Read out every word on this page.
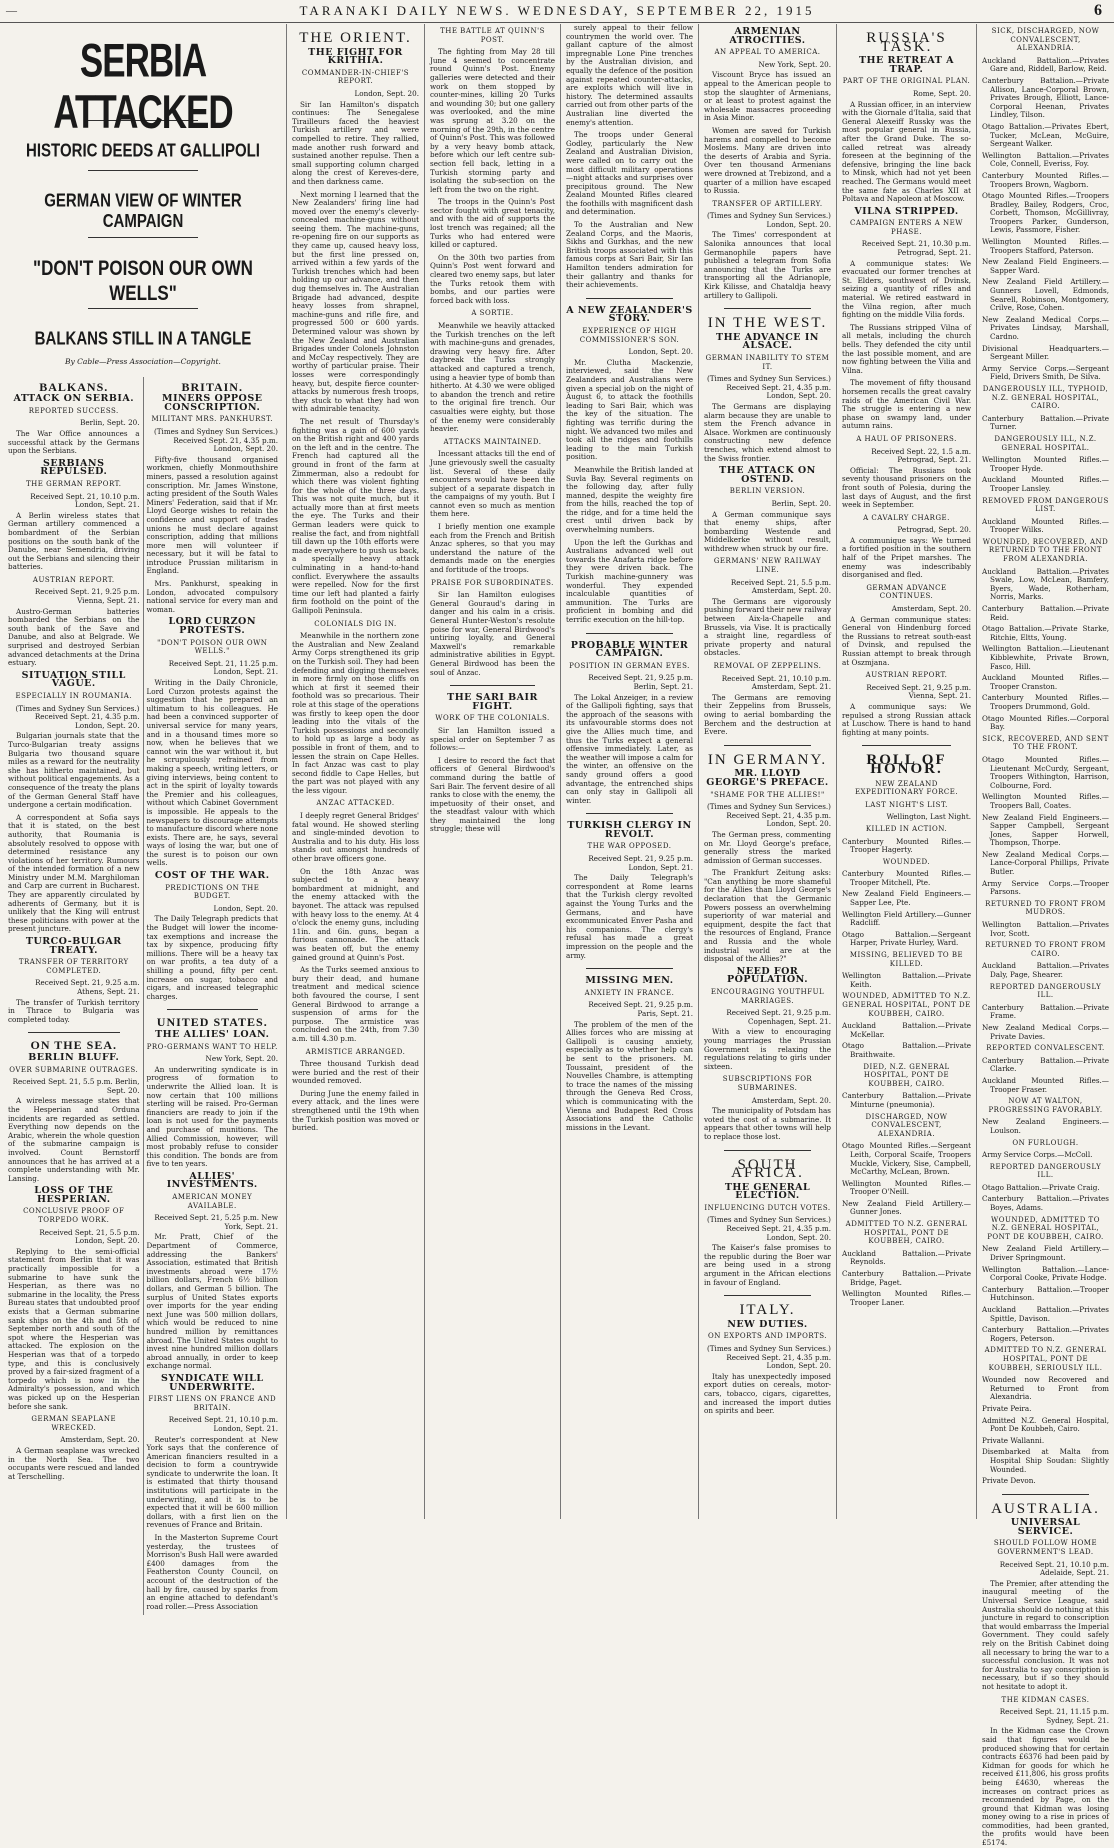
—	TARANAKI DAILY NEWS. WEDNESDAY, SEPTEMBER 22, 1915	6
SERBIA ATTACKED
HISTORIC DEEDS AT GALLIPOLI
GERMAN VIEW OF WINTER CAMPAIGN
"DON'T POISON OUR OWN WELLS"
BALKANS STILL IN A TANGLE
By Cable—Press Association—Copyright.
BALKANS.
ATTACK ON SERBIA.
REPORTED SUCCESS.
Berlin, Sept. 20.

The War Office announces a successful attack by the Germans upon the Serbians.

SERBIANS REPULSED.
THE GERMAN REPORT.
Received Sept. 21, 10.10 p.m. London, Sept. 21.

A Berlin wireless states that German artillery commenced a bombardment of the Serbian positions on the south bank of the Danube, near Semendria, driving out the Serbians and silencing their batteries.

AUSTRIAN REPORT.
Received Sept. 21, 9.25 p.m. Vienna, Sept. 21.

Austro-German batteries bombarded the Serbians on the south bank of the Save and Danube, and also at Belgrade. We surprised and destroyed Serbian advanced detachments at the Drina estuary.

SITUATION STILL VAGUE.
ESPECIALLY IN ROUMANIA.
(Times and Sydney Sun Services.) Received Sept. 21, 4.35 p.m. London, Sept. 20.

Bulgarian journals state that the Turco-Bulgarian treaty assigns Bulgaria two thousand square miles as a reward for the neutrality she has hitherto maintained, but without political engagements. As a consequence of the treaty the plans of the German General Staff have undergone a certain modification.

A correspondent at Sofia says that it is stated, on the best authority, that Roumania is absolutely resolved to oppose with determined resistance any violations of her territory. Rumours of the intended formation of a new Ministry under M.M. Marghiloman and Carp are current in Bucharest. They are apparently circulated by adherents of Germany, but it is unlikely that the King will entrust these politicians with power at the present juncture.

TURCO-BULGAR TREATY.
TRANSFER OF TERRITORY COMPLETED.
Received Sept. 21, 9.25 a.m. Athens, Sept. 21.

The transfer of Turkish territory in Thrace to Bulgaria was completed today.

ON THE SEA.
BERLIN BLUFF.
OVER SUBMARINE OUTRAGES.
Received Sept. 21, 5.5 p.m. Berlin, Sept. 20.

A wireless message states that the Hesperian and Orduna incidents are regarded as settled. Everything now depends on the Arabic, wherein the whole question of the submarine campaign is involved. Count Bernstorff announces that he has arrived at a complete understanding with Mr. Lansing.

LOSS OF THE HESPERIAN.
CONCLUSIVE PROOF OF TORPEDO WORK.
Received Sept. 21, 5.5 p.m. London, Sept. 20.

Replying to the semi-official statement from Berlin that it was practically impossible for a submarine to have sunk the Hesperian, as there was no submarine in the locality, the Press Bureau states that undoubted proof exists that a German submarine sank ships on the 4th and 5th of September north and south of the spot where the Hesperian was attacked. The explosion on the Hesperian was that of a torpedo type, and this is conclusively proved by a fair-sized fragment of a torpedo which is now in the Admiralty's possession, and which was picked up on the Hesperian before she sank.

GERMAN SEAPLANE WRECKED.
Amsterdam, Sept. 20.

A German seaplane was wrecked in the North Sea. The two occupants were rescued and landed at Terschelling.

BRITAIN.
MINERS OPPOSE CONSCRIPTION.
MILITANT MRS. PANKHURST.
(Times and Sydney Sun Services.) Received Sept. 21, 4.35 p.m. London, Sept. 20.

Fifty-five thousand organised workmen, chiefly Monmouthshire miners, passed a resolution against conscription. Mr. James Winstone, acting president of the South Wales Miners' Federation, said that if Mr. Lloyd George wishes to retain the confidence and support of trades unions he must declare against conscription, adding that millions more men will volunteer if necessary, but it will be fatal to introduce Prussian militarism in England.

Mrs. Pankhurst, speaking in London, advocated compulsory national service for every man and woman.

LORD CURZON PROTESTS.
"DON'T POISON OUR OWN WELLS."
Received Sept. 21, 11.25 p.m. London, Sept. 21.

Writing in the Daily Chronicle, Lord Curzon protests against the suggestion that he prepared an ultimatum to his colleagues. He had been a convinced supporter of universal service for many years, and in a thousand times more so now, when he believes that we cannot win the war without it, but he scrupulously refrained from making a speech, writing letters, or giving interviews, being content to act in the spirit of loyalty towards the Premier and his colleagues, without which Cabinet Government is impossible. He appeals to the newspapers to discourage attempts to manufacture discord where none exists. There are, he says, several ways of losing the war, but one of the surest is to poison our own wells.

COST OF THE WAR.
PREDICTIONS ON THE BUDGET.
London, Sept. 20.

The Daily Telegraph predicts that the Budget will lower the income-tax exemptions and increase the tax by sixpence, producing fifty millions. There will be a heavy tax on war profits, a tea duty of a shilling a pound, fifty per cent. increase on sugar, tobacco and cigars, and increased telegraphic charges.

UNITED STATES.
THE ALLIES' LOAN.
PRO-GERMANS WANT TO HELP.
New York, Sept. 20.

An underwriting syndicate is in progress of formation to underwrite the Allied loan. It is now certain that 100 millions sterling will be raised. Pro-German financiers are ready to join if the loan is not used for the payments and purchase of munitions. The Allied Commission, however, will most probably refuse to consider this condition. The bonds are from five to ten years.

ALLIES' INVESTMENTS.
AMERICAN MONEY AVAILABLE.
Received Sept. 21, 5.25 p.m. New York, Sept. 21.

Mr. Pratt, Chief of the Department of Commerce, addressing the Bankers' Association, estimated that British investments abroad were 17½ billion dollars, French 6½ billion dollars, and German 5 billion. The surplus of United States exports over imports for the year ending next June was 500 million dollars, which would be reduced to nine hundred million by remittances abroad. The United States ought to invest nine hundred million dollars abroad annually, in order to keep exchange normal.

SYNDICATE WILL UNDERWRITE.
FIRST LIENS ON FRANCE AND BRITAIN.
Received Sept. 21, 10.10 p.m. London, Sept. 21.

Reuter's correspondent at New York says that the conference of American financiers resulted in a decision to form a countrywide syndicate to underwrite the loan. It is estimated that thirty thousand institutions will participate in the underwriting, and it is to be expected that it will be 600 million dollars, with a first lien on the revenues of France and Britain.

In the Masterton Supreme Court yesterday, the trustees of Morrison's Bush Hall were awarded £400 damages from the Featherston County Council, on account of the destruction of the hall by fire, caused by sparks from an engine attached to defendant's road roller.—Press Association

THE ORIENT.
THE FIGHT FOR KRITHIA.
COMMANDER-IN-CHIEF'S REPORT.
London, Sept. 20.

Sir Ian Hamilton's dispatch continues: The Senegalese Tirailleurs faced the heaviest Turkish artillery and were compelled to retire. They rallied, made another rush forward and sustained another repulse. Then a small supporting column charged along the crest of Kereves-dere, and then darkness came.

Next morning I learned that the New Zealanders' firing line had moved over the enemy's cleverly-concealed machine-guns without seeing them. The machine-guns, re-opening fire on our supports as they came up, caused heavy loss, but the first line pressed on, arrived within a few yards of the Turkish trenches which had been holding up our advance, and then dug themselves in. The Australian Brigade had advanced, despite heavy losses from shrapnel, machine-guns and rifle fire, and progressed 500 or 600 yards. Determined valour was shown by the New Zealand and Australian Brigades under Colonels Johnston and McCay respectively. They are worthy of particular praise. Their losses were correspondingly heavy, but, despite fierce counter-attacks by numerous fresh troops, they stuck to what they had won with admirable tenacity.

The net result of Thursday's fighting was a gain of 600 yards on the British right and 400 yards on the left and in the centre. The French had captured all the ground in front of the farm at Zimmerman, also a redoubt for which there was violent fighting for the whole of the three days. This was not quite much, but it actually more than at first meets the eye. The Turks and their German leaders were quick to realise the fact, and from nightfall till dawn up the 10th efforts were made everywhere to push us back, a specially heavy attack culminating in a hand-to-hand conflict. Everywhere the assaults were repelled. Now for the first time our left had planted a fairly firm foothold on the point of the Gallipoli Peninsula.

COLONIALS DIG IN.

Meanwhile in the northern zone the Australian and New Zealand Army Corps strengthened its grip on the Turkish soil. They had been defending and digging themselves in more firmly on those cliffs on which at first it seemed their foothold was so precarious. Their role at this stage of the operations was firstly to keep open the door leading into the vitals of the Turkish possessions and secondly to hold up as large a body as possible in front of them, and to lessen the strain on Cape Helles. In fact Anzac was cast to play second fiddle to Cape Helles, but the part was not played with any the less vigour.

ANZAC ATTACKED.

I deeply regret General Bridges' fatal wound. He showed sterling and single-minded devotion to Australia and to his duty. His loss stands out amongst hundreds of other brave officers gone.

On the 18th Anzac was subjected to a heavy bombardment at midnight, and the enemy attacked with the bayonet. The attack was repulsed with heavy loss to the enemy. At 4 o'clock the enemy guns, including 11in. and 6in. guns, began a furious cannonade. The attack was beaten off, but the enemy gained ground at Quinn's Post.

As the Turks seemed anxious to bury their dead, and humane treatment and medical science both favoured the course, I sent General Birdwood to arrange a suspension of arms for the purpose. The armistice was concluded on the 24th, from 7.30 a.m. till 4.30 p.m.

ARMISTICE ARRANGED.

Three thousand Turkish dead were buried and the rest of their wounded removed.

During June the enemy failed in every attack, and the lines were strengthened until the 19th when the Turkish position was moved or buried.

THE BATTLE AT QUINN'S POST.

The fighting from May 28 till June 4 seemed to concentrate round Quinn's Post. Enemy galleries were detected and their work on them stopped by counter-mines, killing 20 Turks and wounding 30; but one gallery was overlooked, and the mine was sprung at 3.20 on the morning of the 29th, in the centre of Quinn's Post. This was followed by a very heavy bomb attack, before which our left centre sub-section fell back, letting in a Turkish storming party and isolating the sub-section on the left from the two on the right.

The troops in the Quinn's Post sector fought with great tenacity, and with the aid of supports the lost trench was regained; all the Turks who had entered were killed or captured.

On the 30th two parties from Quinn's Post went forward and cleared two enemy saps, but later the Turks retook them with bombs, and our parties were forced back with loss.

A SORTIE.

Meanwhile we heavily attacked the Turkish trenches on the left with machine-guns and grenades, drawing very heavy fire. After daybreak the Turks strongly attacked and captured a trench, using a heavier type of bomb than hitherto. At 4.30 we were obliged to abandon the trench and retire to the original fire trench. Our casualties were eighty, but those of the enemy were considerably heavier.

ATTACKS MAINTAINED.

Incessant attacks till the end of June grievously swell the casualty list. Several of these daily encounters would have been the subject of a separate dispatch in the campaigns of my youth. But I cannot even so much as mention them here.

I briefly mention one example each from the French and British Anzac spheres, so that you may understand the nature of the demands made on the energies and fortitude of the troops.

PRAISE FOR SUBORDINATES.

Sir Ian Hamilton eulogises General Gouraud's daring in danger and his calm in a crisis. General Hunter-Weston's resolute poise for war, General Birdwood's untiring loyalty, and General Maxwell's remarkable administrative abilities in Egypt. General Birdwood has been the soul of Anzac.

THE SARI BAIR FIGHT.
WORK OF THE COLONIALS.

Sir Ian Hamilton issued a special order on September 7 as follows:—

I desire to record the fact that officers of General Birdwood's command during the battle of Sari Bair. The fervent desire of all ranks to close with the enemy, the impetuosity of their onset, and the steadfast valour with which they maintained the long struggle; these will

surely appeal to their fellow countrymen the world over. The gallant capture of the almost impregnable Lone Pine trenches by the Australian division, and equally the defence of the position against repeated counter-attacks, are exploits which will live in history. The determined assaults carried out from other parts of the Australian line diverted the enemy's attention.

The troops under General Godley, particularly the New Zealand and Australian Division, were called on to carry out the most difficult military operations—night attacks and surprises over precipitous ground. The New Zealand Mounted Rifles cleared the foothills with magnificent dash and determination.

To the Australian and New Zealand Corps, and the Maoris, Sikhs and Gurkhas, and the new British troops associated with this famous corps at Sari Bair, Sir Ian Hamilton tenders admiration for their gallantry and thanks for their achievements.

A NEW ZEALANDER'S STORY.
EXPERIENCE OF HIGH COMMISSIONER'S SON.
London, Sept. 20.

Mr. Clutha Mackenzie, interviewed, said the New Zealanders and Australians were given a special job on the night of August 6, to attack the foothills leading to Sari Bair, which was the key of the situation. The fighting was terrific during the night. We advanced two miles and took all the ridges and foothills leading to the main Turkish position.

Meanwhile the British landed at Suvla Bay. Several regiments on the following day, after fully manned, despite the weighty fire from the hills, reached the top of the ridge, and for a time held the crest until driven back by overwhelming numbers.

Upon the left the Gurkhas and Australians advanced well out towards the Anafarta ridge before they were driven back. The Turkish machine-gunnery was wonderful. They expended incalculable quantities of ammunition. The Turks are proficient in bombing and did terrific execution on the hill-top.

PROBABLE WINTER CAMPAIGN.
POSITION IN GERMAN EYES.
Received Sept. 21, 9.25 p.m. Berlin, Sept. 21.

The Lokal Anzeiger, in a review of the Gallipoli fighting, says that the approach of the seasons with its unfavourable storms does not give the Allies much time, and thus the Turks expect a general offensive immediately. Later, as the weather will impose a calm for the winter, an offensive on the sandy ground offers a good advantage, the entrenched ships can only stay in Gallipoli all winter.

TURKISH CLERGY IN REVOLT.
THE WAR OPPOSED.
Received Sept. 21, 9.25 p.m. London, Sept. 21.

The Daily Telegraph's correspondent at Rome learns that the Turkish clergy revolted against the Young Turks and the Germans, and have excommunicated Enver Pasha and his companions. The clergy's refusal has made a great impression on the people and the army.

MISSING MEN.
ANXIETY IN FRANCE.
Received Sept. 21, 9.25 p.m. Paris, Sept. 21.

The problem of the men of the Allies forces who are missing at Gallipoli is causing anxiety, especially as to whether help can be sent to the prisoners. M. Toussaint, president of the Nouvelles Chambre, is attempting to trace the names of the missing through the Geneva Red Cross, which is communicating with the Vienna and Budapest Red Cross Associations and the Catholic missions in the Levant.

ARMENIAN ATROCITIES.
AN APPEAL TO AMERICA.
New York, Sept. 20.

Viscount Bryce has issued an appeal to the American people to stop the slaughter of Armenians, or at least to protest against the wholesale massacres proceeding in Asia Minor.

Women are saved for Turkish harems and compelled to become Moslems. Many are driven into the deserts of Arabia and Syria. Over ten thousand Armenians were drowned at Trebizond, and a quarter of a million have escaped to Russia.

TRANSFER OF ARTILLERY.
(Times and Sydney Sun Services.) London, Sept. 20.

The Times' correspondent at Salonika announces that local Germanophile papers have published a telegram from Sofia announcing that the Turks are transporting all the Adrianople, Kirk Kilisse, and Chataldja heavy artillery to Gallipoli.

IN THE WEST.
THE ADVANCE IN ALSACE.
GERMAN INABILITY TO STEM IT.
(Times and Sydney Sun Services.) Received Sept. 21, 4.35 p.m. London, Sept. 20.

The Germans are displaying alarm because they are unable to stem the French advance in Alsace. Workmen are continuously constructing new defence trenches, which extend almost to the Swiss frontier.

THE ATTACK ON OSTEND.
BERLIN VERSION.
Berlin, Sept. 20.

A German communique says that enemy ships, after bombarding Westende and Middelkerke without result, withdrew when struck by our fire.

GERMANS' NEW RAILWAY LINE.
Received Sept. 21, 5.5 p.m. Amsterdam, Sept. 20.

The Germans are vigorously pushing forward their new railway between Aix-la-Chapelle and Brussels, via Vise. It is practically a straight line, regardless of private property and natural obstacles.

REMOVAL OF ZEPPELINS.
Received Sept. 21, 10.10 p.m. Amsterdam, Sept. 21.

The Germans are removing their Zeppelins from Brussels, owing to aerial bombarding the Berchem and the destruction at Evere.

IN GERMANY.
MR. LLOYD GEORGE'S PREFACE.
"SHAME FOR THE ALLIES!"
(Times and Sydney Sun Services.) Received Sept. 21, 4.35 p.m. London, Sept. 20.

The German press, commenting on Mr. Lloyd George's preface, generally stress the marked admission of German successes.

The Frankfurt Zeitung asks: "Can anything be more shameful for the Allies than Lloyd George's declaration that the Germanic Powers possess an overwhelming superiority of war material and equipment, despite the fact that the resources of England, France and Russia and the whole industrial world are at the disposal of the Allies?"

NEED FOR POPULATION.
ENCOURAGING YOUTHFUL MARRIAGES.
Received Sept. 21, 9.25 p.m. Copenhagen, Sept. 21.

With a view to encouraging young marriages the Prussian Government is relaxing the regulations relating to girls under sixteen.

SUBSCRIPTIONS FOR SUBMARINES.
Amsterdam, Sept. 20.

The municipality of Potsdam has voted the cost of a submarine. It appears that other towns will help to replace those lost.

SOUTH AFRICA.
THE GENERAL ELECTION.
INFLUENCING DUTCH VOTES.
(Times and Sydney Sun Services.) Received Sept. 21, 4.35 p.m. London, Sept. 20.

The Kaiser's false promises to the republic during the Boer war are being used in a strong argument in the African elections in favour of England.

ITALY.
NEW DUTIES.
ON EXPORTS AND IMPORTS.
(Times and Sydney Sun Services.) Received Sept. 21, 4.35 p.m. London, Sept. 20.

Italy has unexpectedly imposed export duties on cereals, motor-cars, tobacco, cigars, cigarettes, and increased the import duties on spirits and beer.

RUSSIA'S TASK.
THE RETREAT A TRAP.
PART OF THE ORIGINAL PLAN.
Rome, Sept. 20.

A Russian officer, in an interview with the Giornale d'Italia, said that General Alexeiff Russky was the most popular general in Russia, after the Grand Duke. The so-called retreat was already foreseen at the beginning of the defensive, bringing the line back to Minsk, which had not yet been reached. The Germans would meet the same fate as Charles XII at Poltava and Napoleon at Moscow.

VILNA STRIPPED.
CAMPAIGN ENTERS A NEW PHASE.
Received Sept. 21, 10.30 p.m. Petrograd, Sept. 21.

A communique states: We evacuated our former trenches at St. Elders, southwest of Dvinsk, seizing a quantity of rifles and material. We retired eastward in the Vilna region, after much fighting on the middle Vilia fords.

The Russians stripped Vilna of all metals, including the church bells. They defended the city until the last possible moment, and are now fighting between the Vilia and Vilna.

The movement of fifty thousand horsemen recalls the great cavalry raids of the American Civil War. The struggle is entering a new phase on swampy land, under autumn rains.

A HAUL OF PRISONERS.
Received Sept. 22, 1.5 a.m. Petrograd, Sept. 21.

Official: The Russians took seventy thousand prisoners on the front south of Polesia, during the last days of August, and the first week in September.

A CAVALRY CHARGE.
Petrograd, Sept. 20.

A communique says: We turned a fortified position in the southern half of the Pripet marshes. The enemy was indescribably disorganised and fled.

GERMAN ADVANCE CONTINUES.
Amsterdam, Sept. 20.

A German communique states: General von Hindenburg forced the Russians to retreat south-east of Dvinsk, and repulsed the Russian attempt to break through at Oszmjana.

AUSTRIAN REPORT.
Received Sept. 21, 9.25 p.m. Vienna, Sept. 21.

A communique says: We repulsed a strong Russian attack at Luschow. There is hand to hand fighting at many points.

ROLL OF HONOR.
NEW ZEALAND EXPEDITIONARY FORCE.
LAST NIGHT'S LIST.
Wellington, Last Night.
KILLED IN ACTION.

Canterbury Mounted Rifles.—Trooper Hagerty.

WOUNDED.

Canterbury Mounted Rifles.—Trooper Mitchell, Pte.

New Zealand Field Engineers.—Sapper Lee, Pte.

Wellington Field Artillery.—Gunner Radcliff.

Otago Battalion.—Sergeant Harper, Private Hurley, Ward.

MISSING, BELIEVED TO BE KILLED.

Wellington Battalion.—Private Keith.

WOUNDED, ADMITTED TO N.Z. GENERAL HOSPITAL, PONT DE KOUBBEH, CAIRO.

Auckland Battalion.—Private McKellar.

Otago Battalion.—Private Braithwaite.

DIED, N.Z. GENERAL HOSPITAL, PONT DE KOUBBEH, CAIRO.

Canterbury Battalion.—Private Minturne (pneumonia).

DISCHARGED, NOW CONVALESCENT, ALEXANDRIA.

Otago Mounted Rifles.—Sergeant Leith, Corporal Scaife, Troopers Muckle, Vickery, Sise, Campbell, McCarthy, McLean, Brown.

Wellington Mounted Rifles.—Trooper O'Neill.

New Zealand Field Artillery.—Gunner Jones.

ADMITTED TO N.Z. GENERAL HOSPITAL, PONT DE KOUBBEH, CAIRO.

Auckland Battalion.—Private Reynolds.

Canterbury Battalion.—Private Bridge, Paget.

Wellington Mounted Rifles.—Trooper Laner.

SICK, DISCHARGED, NOW CONVALESCENT, ALEXANDRIA.

Auckland Battalion.—Privates Gare and, Riddell, Barlow, Reid.

Canterbury Battalion.—Private Allison, Lance-Corporal Brown, Privates Brough, Elliott, Lance-Corporal Heenan, Privates Lindley, Tilson.

Otago Battalion.—Privates Ebert, Tucker, McLean, McGuire, Sergeant Walker.

Wellington Battalion.—Privates Cole, Connell, Everiss, Foy.

Canterbury Mounted Rifles.—Troopers Brown, Wagborn.

Otago Mounted Rifles.—Troopers Bradley, Bailey, Rodgers, Croc, Corbett, Thomson, McGillivray, Troopers Parker, Gunderson, Lewis, Passmore, Fisher.

Wellington Mounted Rifles.—Troopers Stafford, Paterson.

New Zealand Field Engineers.—Sapper Ward.

New Zealand Field Artillery.—Gunners Lovell, Edmonds, Searell, Robinson, Montgomery, Crilve, Rose, Cohen.

New Zealand Medical Corps.—Privates Lindsay, Marshall, Cardno.

Divisional Headquarters.—Sergeant Miller.

Army Service Corps.—Sergeant Field, Drivers Smith, De Silva.

DANGEROUSLY ILL, TYPHOID, N.Z. GENERAL HOSPITAL, CAIRO.

Canterbury Battalion.—Private Turner.

DANGEROUSLY ILL, N.Z. GENERAL HOSPITAL.

Wellington Mounted Rifles.—Trooper Hyde.

Auckland Mounted Rifles.—Trooper Lansley.

REMOVED FROM DANGEROUS LIST.

Auckland Mounted Rifles.—Trooper Wilks.

WOUNDED, RECOVERED, AND RETURNED TO THE FRONT FROM ALEXANDRIA.

Auckland Battalion.—Privates Swale, Low, McLean, Bamfery, Byers, Wade, Rotherham, Norris, Marks.

Canterbury Battalion.—Private Reid.

Otago Battalion.—Private Starke, Ritchie, Eltts, Young.

Wellington Battalion.—Lieutenant Kibblewhite, Private Brown, Fasco, Hill.

Auckland Mounted Rifles.—Trooper Cranston.

Canterbury Mounted Rifles.—Troopers Drummond, Gold.

Otago Mounted Rifles.—Corporal Bay.

SICK, RECOVERED, AND SENT TO THE FRONT.

Otago Mounted Rifles.—Lieutenant McCurdy, Sergeant, Troopers Withington, Harrison, Colbourne, Ford.

Wellington Mounted Rifles.—Troopers Ball, Coates.

New Zealand Field Engineers.—Sapper Campbell, Sergeant Jones, Sapper Horwell, Thompson, Thorpe.

New Zealand Medical Corps.—Lance-Corporal Phillips, Private Butler.

Army Service Corps.—Trooper Parsons.

RETURNED TO FRONT FROM MUDROS.

Wellington Battalion.—Privates Ivor, Scott.

RETURNED TO FRONT FROM CAIRO.

Auckland Battalion.—Privates Daly, Page, Shearer.

REPORTED DANGEROUSLY ILL.

Canterbury Battalion.—Private Frame.

New Zealand Medical Corps.—Private Davies.

REPORTED CONVALESCENT.

Canterbury Battalion.—Private Clarke.

Auckland Mounted Rifles.—Trooper Fraser.

NOW AT WALTON, PROGRESSING FAVORABLY.

New Zealand Engineers.—Loulson.

ON FURLOUGH.

Army Service Corps.—McColl.

REPORTED DANGEROUSLY ILL.

Otago Battalion.—Private Craig.

Canterbury Battalion.—Privates Boyes, Adams.

WOUNDED, ADMITTED TO N.Z. GENERAL HOSPITAL, PONT DE KOUBBEH, CAIRO.

New Zealand Field Artillery.—Driver Springmount.

Wellington Battalion.—Lance-Corporal Cooke, Private Hodge.

Canterbury Battalion.—Trooper Hutchinson.

Auckland Battalion.—Privates Spittle, Davison.

Canterbury Battalion.—Privates Rogers, Peterson.

ADMITTED TO N.Z. GENERAL HOSPITAL, PONT DE KOUBBEH, SERIOUSLY ILL.

Wounded now Recovered and Returned to Front from Alexandria.

Private Peira.

Admitted N.Z. General Hospital, Pont De Koubbeh, Cairo.

Private Wallanni.

Disembarked at Malta from Hospital Ship Soudan: Slightly Wounded.

Private Devon.

AUSTRALIA.
UNIVERSAL SERVICE.
SHOULD FOLLOW HOME GOVERNMENT'S LEAD.
Received Sept. 21, 10.10 p.m. Adelaide, Sept. 21.

The Premier, after attending the inaugural meeting of the Universal Service League, said Australia should do nothing at this juncture in regard to conscription that would embarrass the Imperial Government. They could safely rely on the British Cabinet doing all necessary to bring the war to a successful conclusion. It was not for Australia to say conscription is necessary, but if so they should not hesitate to adopt it.

THE KIDMAN CASES.
Received Sept. 21, 11.15 p.m. Sydney, Sept. 21.

In the Kidman case the Crown said that figures would be produced showing that for certain contracts £6376 had been paid by Kidman for goods for which he received £11,806, his gross profits being £4630, whereas the increases on contract prices as recommended by Page, on the ground that Kidman was losing money owing to a rise in prices of commodities, had been granted, the profits would have been £5174.
